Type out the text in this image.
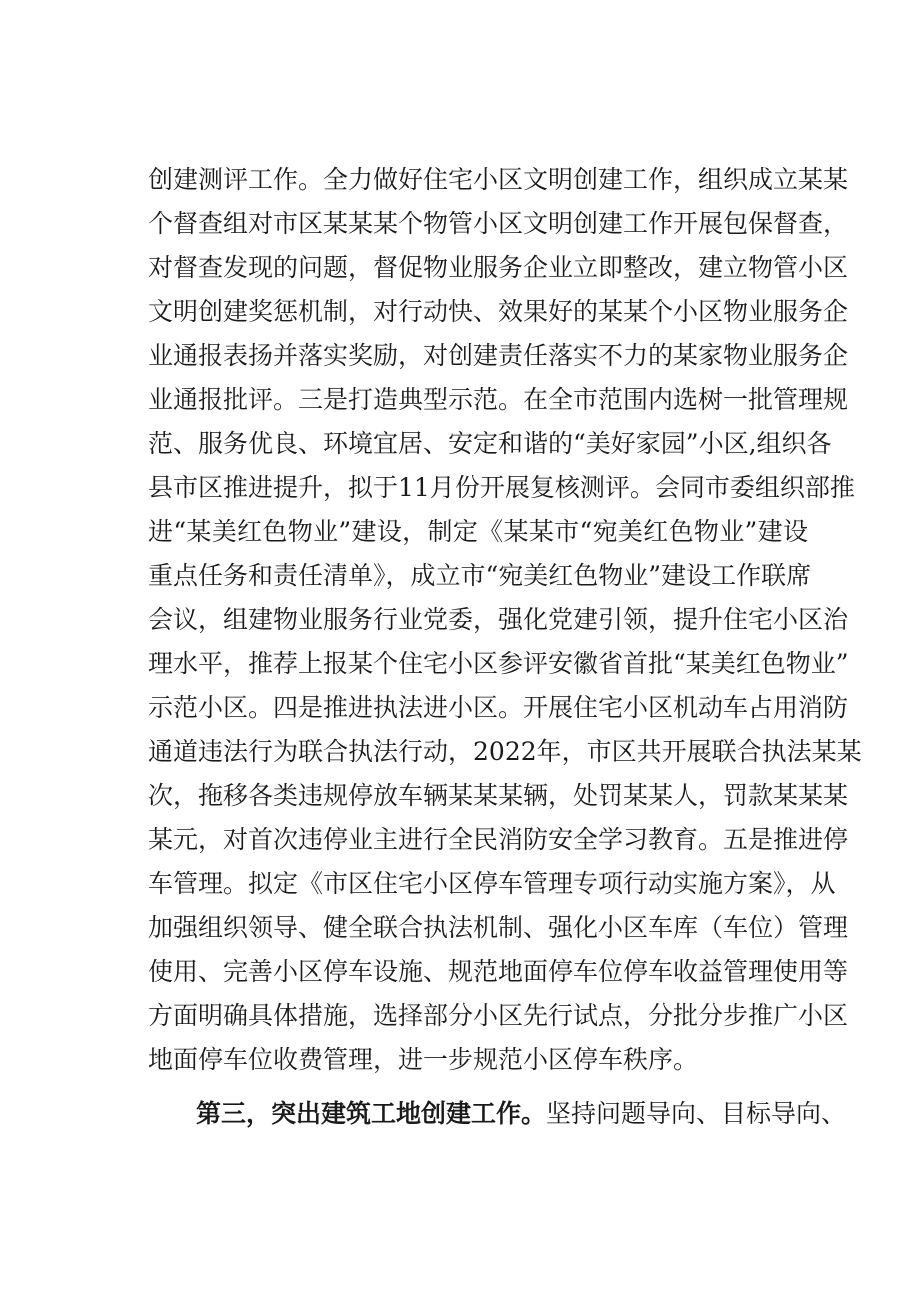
创建测评工作。全力做好住宅小区文明创建工作，组织成立某某
个督查组对市区某某某个物管小区文明创建工作开展包保督查，
对督查发现的问题，督促物业服务企业立即整改，建立物管小区
文明创建奖惩机制，对行动快、效果好的某某个小区物业服务企
业通报表扬并落实奖励，对创建责任落实不力的某家物业服务企
业通报批评。三是打造典型示范。在全市范围内选树一批管理规
范、服务优良、环境宜居、安定和谐的“美好家园”小区,组织各
县市区推进提升，拟于11月份开展复核测评。会同市委组织部推
进“某美红色物业”建设，制定《某某市“宛美红色物业”建设
重点任务和责任清单》，成立市“宛美红色物业”建设工作联席
会议，组建物业服务行业党委，强化党建引领，提升住宅小区治
理水平，推荐上报某个住宅小区参评安徽省首批“某美红色物业”
示范小区。四是推进执法进小区。开展住宅小区机动车占用消防
通道违法行为联合执法行动，2022年，市区共开展联合执法某某
次，拖移各类违规停放车辆某某某辆，处罚某某人，罚款某某某
某元，对首次违停业主进行全民消防安全学习教育。五是推进停
车管理。拟定《市区住宅小区停车管理专项行动实施方案》，从
加强组织领导、健全联合执法机制、强化小区车库（车位）管理
使用、完善小区停车设施、规范地面停车位停车收益管理使用等
方面明确具体措施，选择部分小区先行试点，分批分步推广小区
地面停车位收费管理，进一步规范小区停车秩序。
第三，突出建筑工地创建工作。坚持问题导向、目标导向、
